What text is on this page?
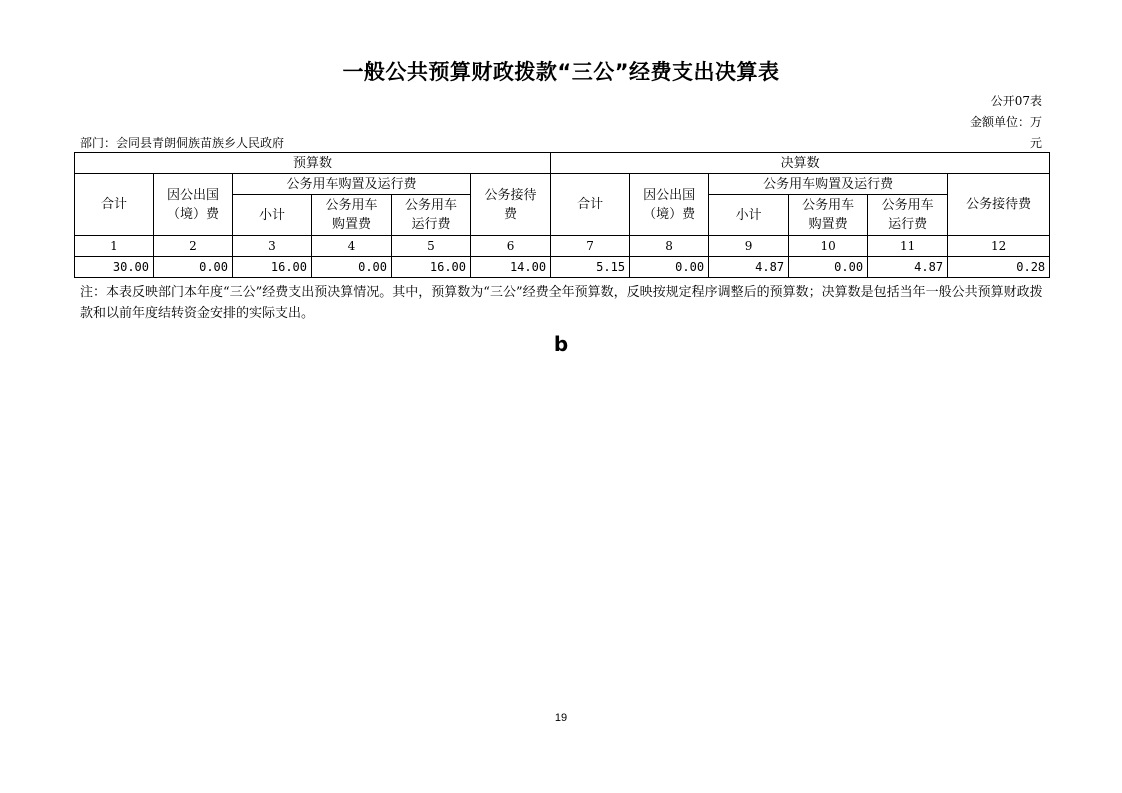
一般公共预算财政拨款“三公”经费支出决算表
公开07表
金额单位：万
元
部门：会同县青朗侗族苗族乡人民政府
预算数						决算数					
合计	因公出国（境）费	公务用车购置及运行费			公务接待费	合计	因公出国（境）费	公务用车购置及运行费			公务接待费
		小计	公务用车购置费	公务用车运行费				小计	公务用车购置费	公务用车运行费	
1	2	3	4	5	6	7	8	9	10	11	12
30.00	0.00	16.00	0.00	16.00	14.00	5.15	0.00	4.87	0.00	4.87	0.28
注：本表反映部门本年度“三公”经费支出预决算情况。其中，预算数为“三公”经费全年预算数，反映按规定程序调整后的预算数；决算数是包括当年一般公共预算财政拨款和以前年度结转资金安排的实际支出。
b
19
